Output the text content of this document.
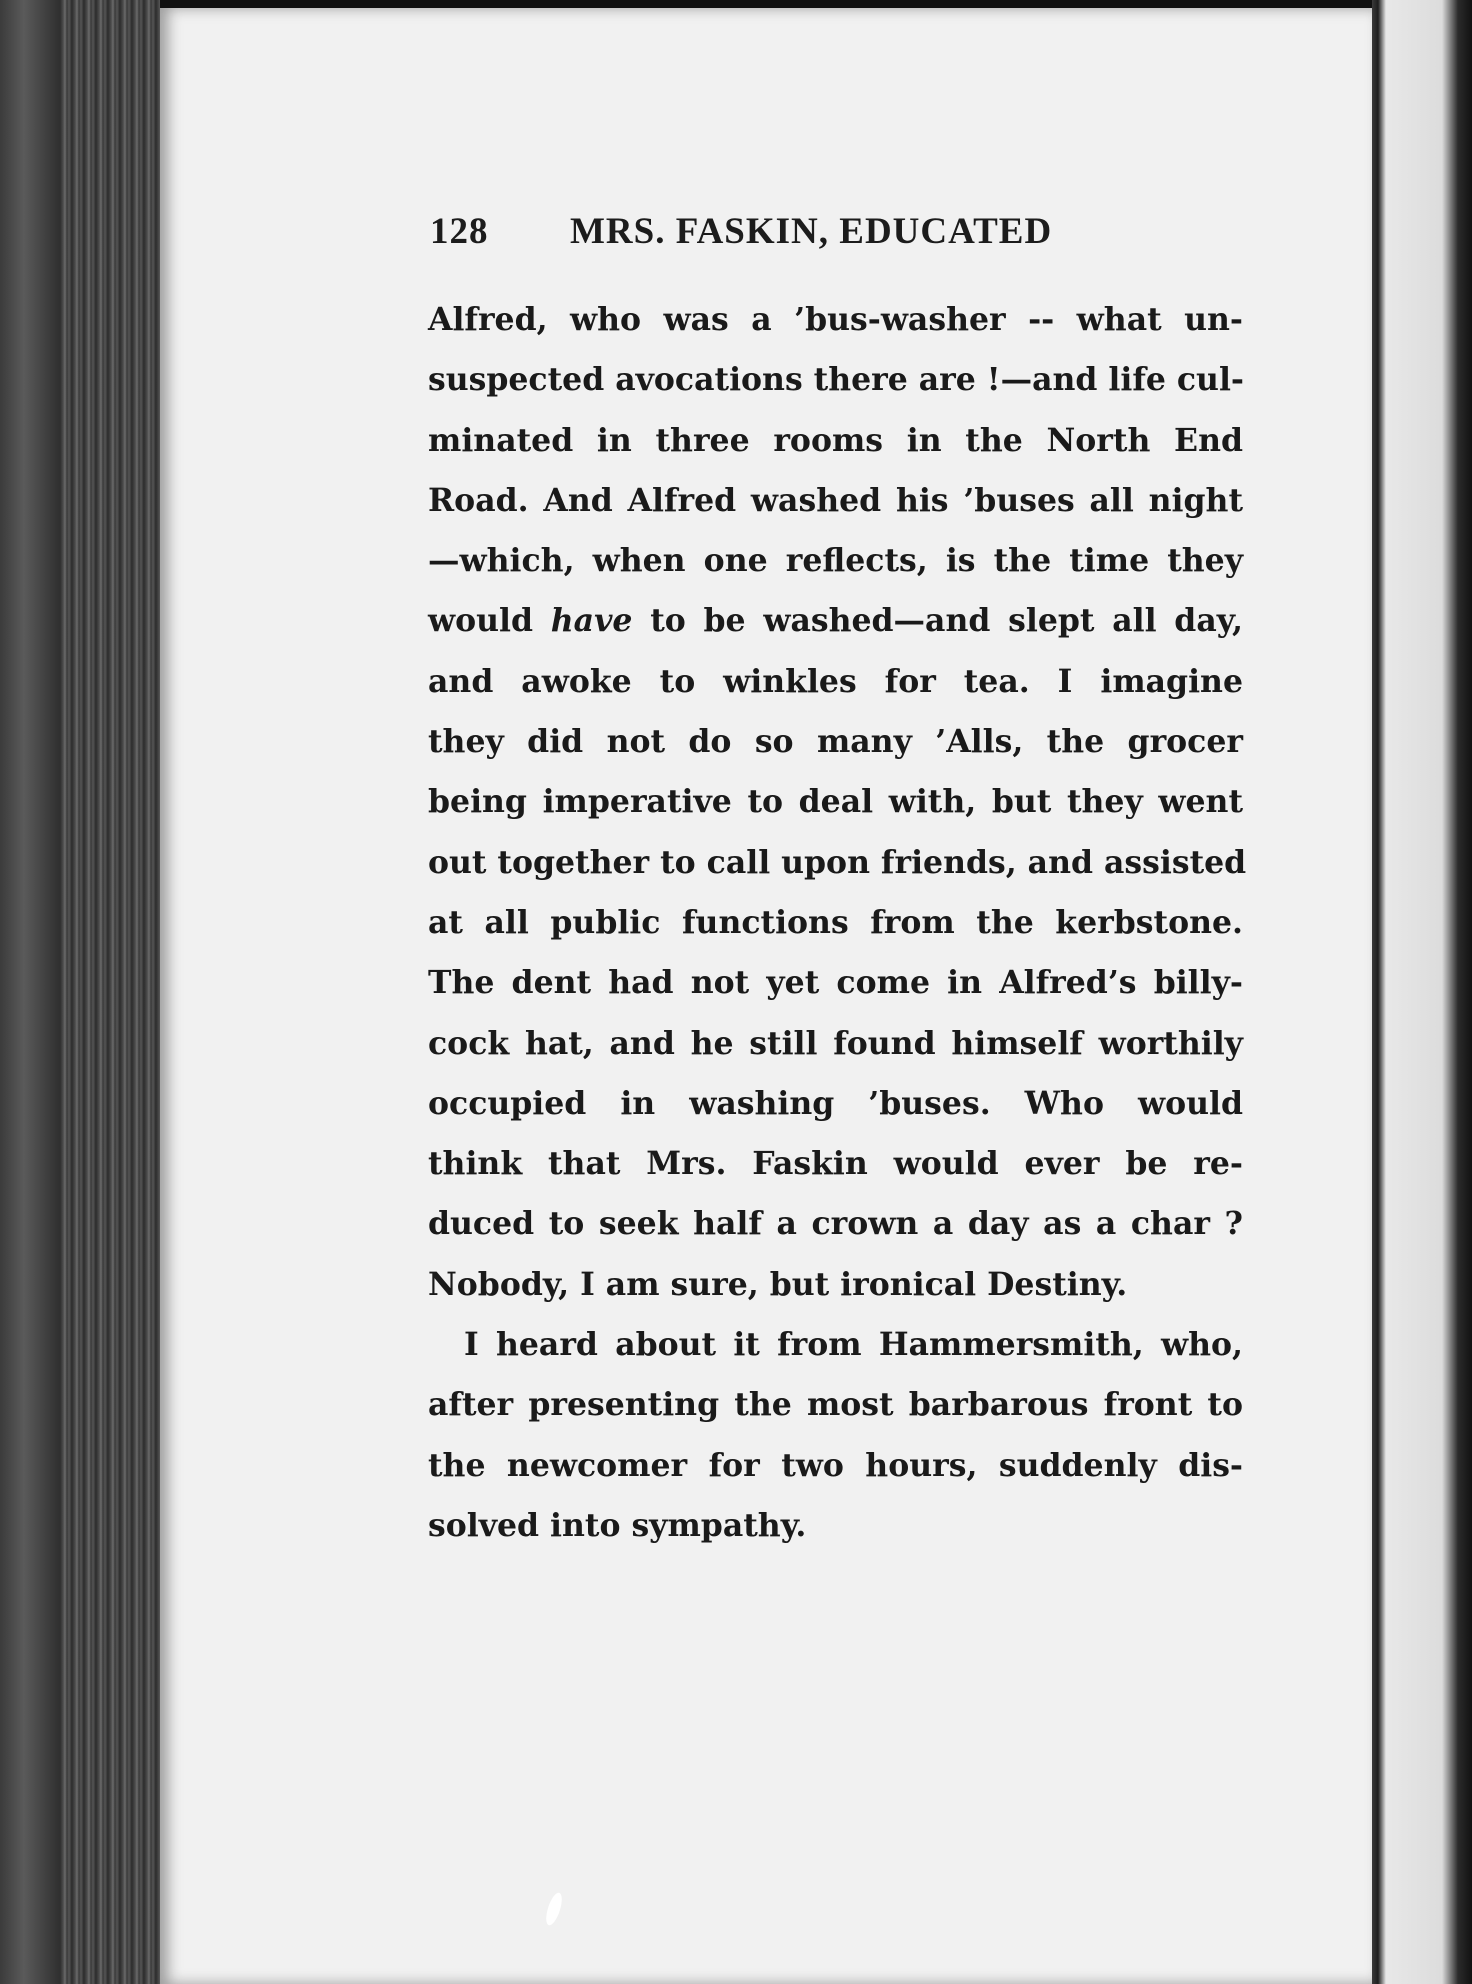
128 MRS. FASKIN, EDUCATED
Alfred, who was a ’bus-washer -- what un-
suspected avocations there are !—and life cul-
minated in three rooms in the North End
Road. And Alfred washed his ’buses all night
—which, when one reflects, is the time they
would have to be washed—and slept all day,
and awoke to winkles for tea. I imagine
they did not do so many ’Alls, the grocer
being imperative to deal with, but they went
out together to call upon friends, and assisted
at all public functions from the kerbstone.
The dent had not yet come in Alfred’s billy-
cock hat, and he still found himself worthily
occupied in washing ’buses. Who would
think that Mrs. Faskin would ever be re-
duced to seek half a crown a day as a char ?
Nobody, I am sure, but ironical Destiny.
I heard about it from Hammersmith, who,
after presenting the most barbarous front to
the newcomer for two hours, suddenly dis-
solved into sympathy.
